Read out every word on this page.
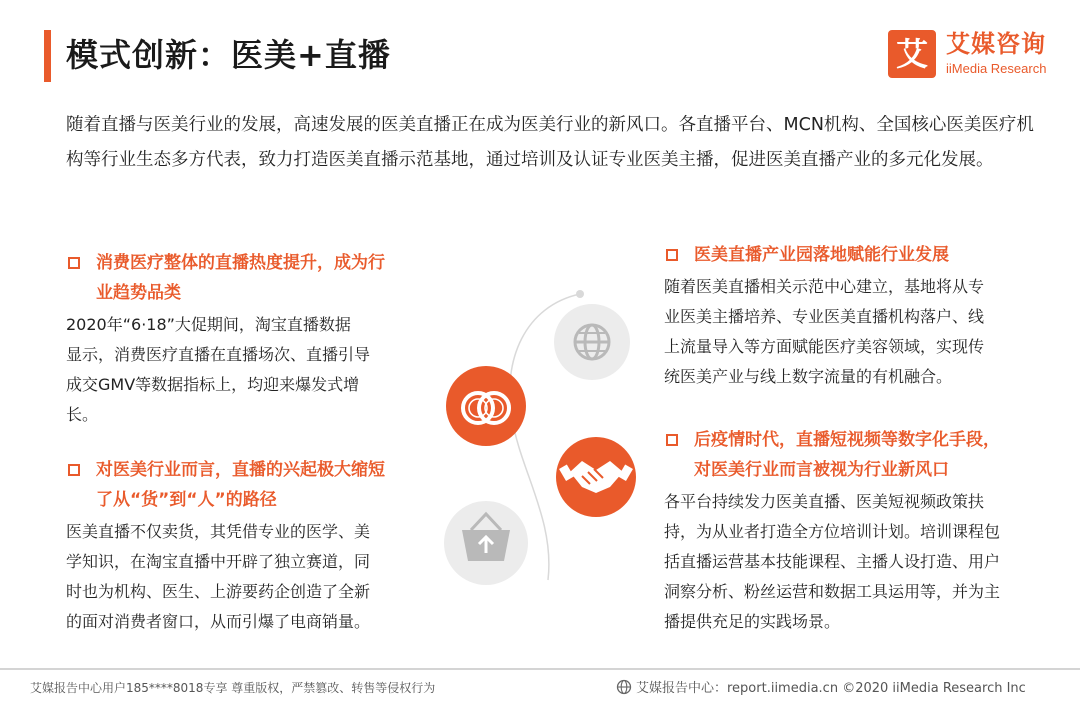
模式创新：医美+直播	艾 艾媒咨询
iiMedia Research

随着直播与医美行业的发展，高速发展的医美直播正在成为医美行业的新风口。各直播平台、MCN机构、全国核心医美医疗机构等行业生态多方代表，致力打造医美直播示范基地，通过培训及认证专业医美主播，促进医美直播产业的多元化发展。

消费医疗整体的直播热度提升，成为行
业趋势品类
2020年“6·18”大促期间，淘宝直播数据
显示，消费医疗直播在直播场次、直播引导
成交GMV等数据指标上，均迎来爆发式增
长。
对医美行业而言，直播的兴起极大缩短
了从“货”到“人”的路径
医美直播不仅卖货，其凭借专业的医学、美
学知识，在淘宝直播中开辟了独立赛道，同
时也为机构、医生、上游要药企创造了全新
的面对消费者窗口，从而引爆了电商销量。
医美直播产业园落地赋能行业发展
随着医美直播相关示范中心建立，基地将从专
业医美主播培养、专业医美直播机构落户、线
上流量导入等方面赋能医疗美容领域，实现传
统医美产业与线上数字流量的有机融合。
后疫情时代，直播短视频等数字化手段，
对医美行业而言被视为行业新风口
各平台持续发力医美直播、医美短视频政策扶
持，为从业者打造全方位培训计划。培训课程包
括直播运营基本技能课程、主播人设打造、用户
洞察分析、粉丝运营和数据工具运用等，并为主
播提供充足的实践场景。
艾媒报告中心用户185****8018专享 尊重版权，严禁篡改、转售等侵权行为	艾媒报告中心：report.iimedia.cn ©2020 iiMedia Research Inc
